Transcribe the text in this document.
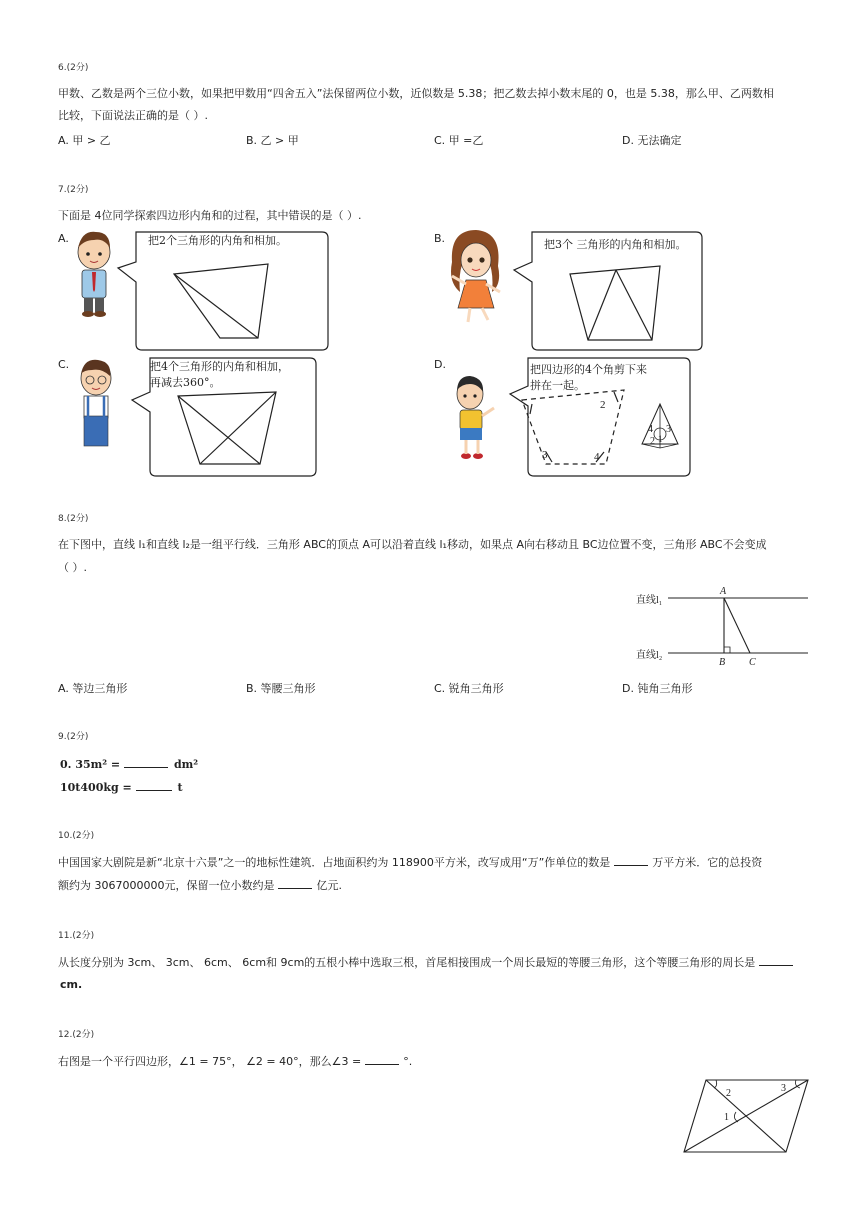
6.(2分)
甲数、乙数是两个三位小数，如果把甲数用“四舍五入”法保留两位小数，近似数是 5.38；把乙数去掉小数末尾的 0，也是 5.38，那么甲、乙两数相
比较，下面说法正确的是（ ）.
A. 甲 > 乙	B. 乙 > 甲	C. 甲 =乙	D. 无法确定
7.(2分)
下面是 4位同学探索四边形内角和的过程，其中错误的是（ ）.
A.	B.
C.	D.
把2个三角形的内角和相加。	把3个 三角形的内角和相加。
把4个三角形的内角和相加，
再减去360°。
2
3	4
4 3
2 1
把四边形的4个角剪下来
拼在一起。
8.(2分)
在下图中，直线 l₁和直线 l₂是一组平行线．三角形 ABC的顶点 A可以沿着直线 l₁移动，如果点 A向右移动且 BC边位置不变，三角形 ABC不会变成
（ ）.
直线l₁
直线l₂
A
B C
A. 等边三角形	B. 等腰三角形	C. 锐角三角形	D. 钝角三角形
9.(2分)
0. 35m² =	dm²
10t400kg =	t
10.(2分)
中国国家大剧院是新“北京十六景”之一的地标性建筑．占地面积约为 118900平方米，改写成用“万”作单位的数是	万平方米．它的总投资
额约为 3067000000元，保留一位小数约是	亿元.
11.(2分)
从长度分别为 3cm、 3cm、 6cm、 6cm和 9cm的五根小棒中选取三根，首尾相接围成一个周长最短的等腰三角形，这个等腰三角形的周长是
cm.
12.(2分)
右图是一个平行四边形，∠1 = 75°， ∠2 = 40°，那么∠3 =	°.
1
2	3
